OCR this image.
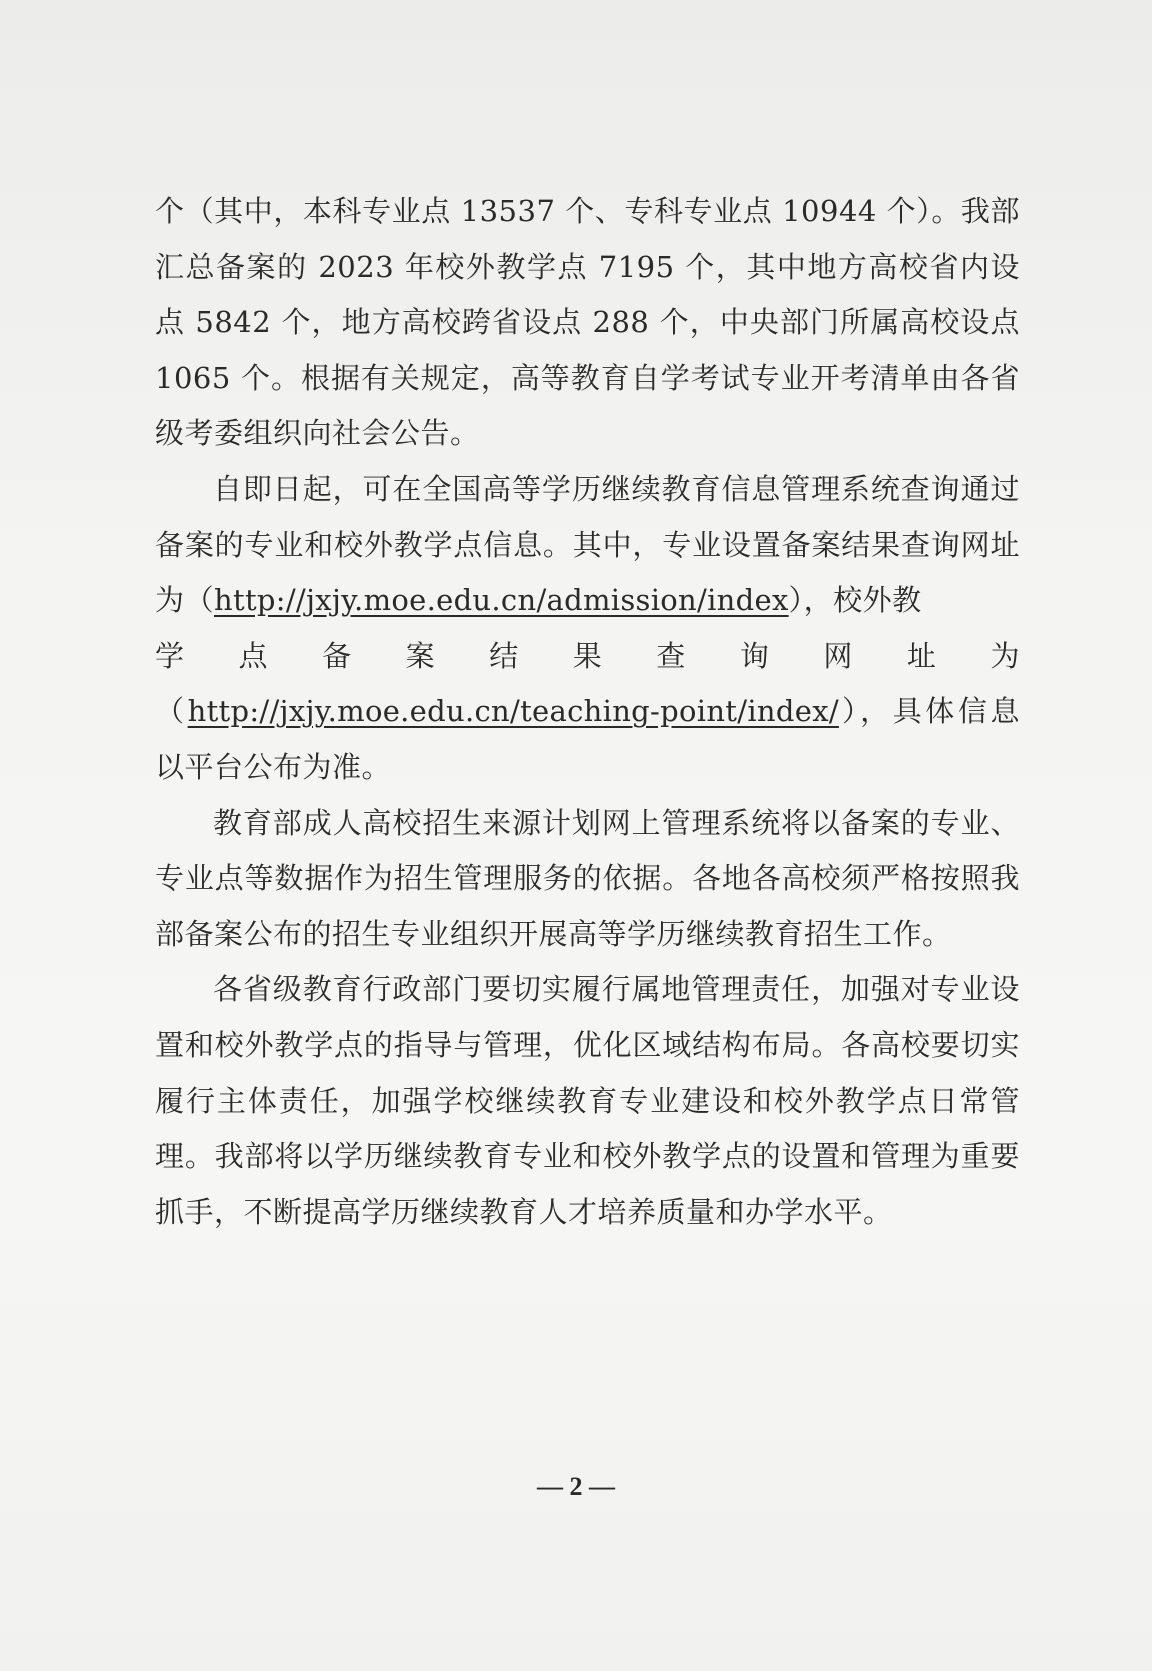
个（其中，本科专业点 13537 个、专科专业点 10944 个）。我部汇总备案的 2023 年校外教学点 7195 个，其中地方高校省内设点 5842 个，地方高校跨省设点 288 个，中央部门所属高校设点 1065 个。根据有关规定，高等教育自学考试专业开考清单由各省级考委组织向社会公告。

自即日起，可在全国高等学历继续教育信息管理系统查询通过备案的专业和校外教学点信息。其中，专业设置备案结果查询网址为（http://jxjy.moe.edu.cn/admission/index），校外教

学 点 备 案 结 果 查 询 网 址 为

（http://jxjy.moe.edu.cn/teaching-point/index/），具体信息以平台公布为准。

教育部成人高校招生来源计划网上管理系统将以备案的专业、专业点等数据作为招生管理服务的依据。各地各高校须严格按照我部备案公布的招生专业组织开展高等学历继续教育招生工作。

各省级教育行政部门要切实履行属地管理责任，加强对专业设置和校外教学点的指导与管理，优化区域结构布局。各高校要切实履行主体责任，加强学校继续教育专业建设和校外教学点日常管理。我部将以学历继续教育专业和校外教学点的设置和管理为重要抓手，不断提高学历继续教育人才培养质量和办学水平。

— 2 —
